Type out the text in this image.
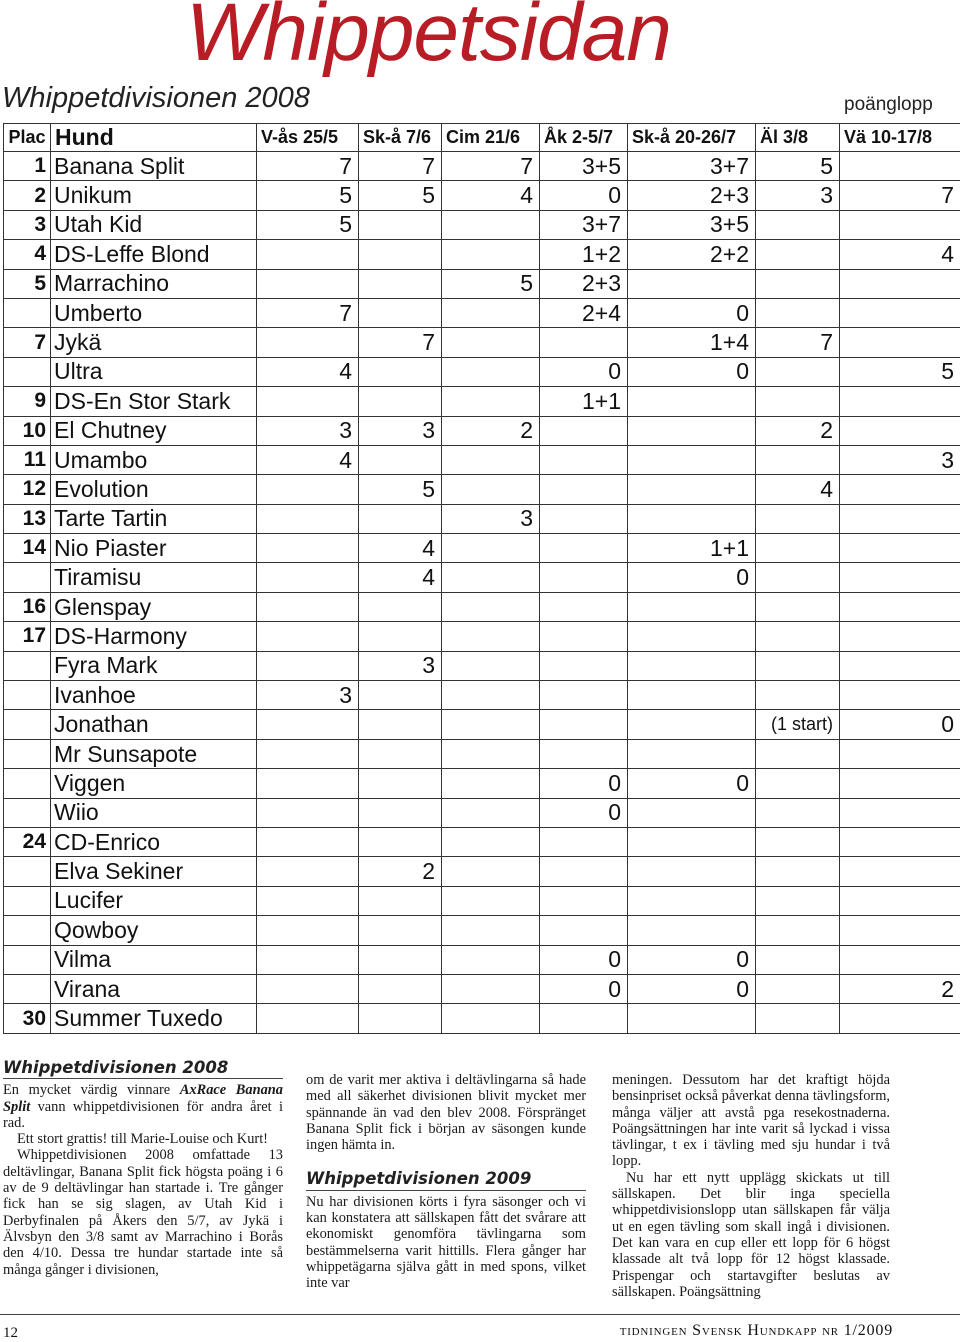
Whippetsidan
Whippetdivisionen 2008	poänglopp
Plac	Hund	V-ås 25/5	Sk-å 7/6	Cim 21/6	Åk 2-5/7	Sk-å 20-26/7	Äl 3/8	Vä 10-17/8
1	Banana Split	7	7	7	3+5	3+7	5	
2	Unikum	5	5	4	0	2+3	3	7
3	Utah Kid	5			3+7	3+5		
4	DS-Leffe Blond				1+2	2+2		4
5	Marrachino			5	2+3			
	Umberto	7			2+4	0		
7	Jykä		7			1+4	7	
	Ultra	4			0	0		5
9	DS-En Stor Stark				1+1			
10	El Chutney	3	3	2			2	
11	Umambo	4						3
12	Evolution		5				4	
13	Tarte Tartin			3				
14	Nio Piaster		4			1+1		
	Tiramisu		4			0		
16	Glenspay							
17	DS-Harmony							
	Fyra Mark		3					
	Ivanhoe	3						
	Jonathan						(1 start)	0
	Mr Sunsapote							
	Viggen				0	0		
	Wiio				0			
24	CD-Enrico							
	Elva Sekiner		2					
	Lucifer							
	Qowboy							
	Vilma				0	0		
	Virana				0	0		2
30	Summer Tuxedo							
Whippetdivisionen 2008

En mycket värdig vinnare AxRace Banana Split vann whippetdivisionen för andra året i rad.

Ett stort grattis! till Marie-Louise och Kurt!

Whippetdivisionen 2008 omfattade 13 deltävlingar, Banana Split fick högsta poäng i 6 av de 9 deltävlingar han startade i. Tre gånger fick han se sig slagen, av Utah Kid i Derbyfinalen på Åkers den 5/7, av Jykä i Älvsbyn den 3/8 samt av Marrachino i Borås den 4/10. Dessa tre hundar startade inte så många gånger i divisionen,

om de varit mer aktiva i deltävlingarna så hade med all säkerhet divisionen blivit mycket mer spännande än vad den blev 2008. Förspränget Banana Split fick i början av säsongen kunde ingen hämta in.

Whippetdivisionen 2009

Nu har divisionen körts i fyra säsonger och vi kan konstatera att sällskapen fått det svårare att ekonomiskt genomföra tävlingarna som bestämmelserna varit hittills. Flera gånger har whippetägarna själva gått in med spons, vilket inte var

meningen. Dessutom har det kraftigt höjda bensinpriset också påverkat denna tävlingsform, många väljer att avstå pga resekostnaderna. Poängsättningen har inte varit så lyckad i vissa tävlingar, t ex i tävling med sju hundar i två lopp.

Nu har ett nytt upplägg skickats ut till sällskapen. Det blir inga speciella whippetdivisionslopp utan sällskapen får välja ut en egen tävling som skall ingå i divisionen. Det kan vara en cup eller ett lopp för 6 högst klassade alt två lopp för 12 högst klassade. Prispengar och startavgifter beslutas av sällskapen. Poängsättning

12	tidningen Svensk Hundkapp nr 1/2009
